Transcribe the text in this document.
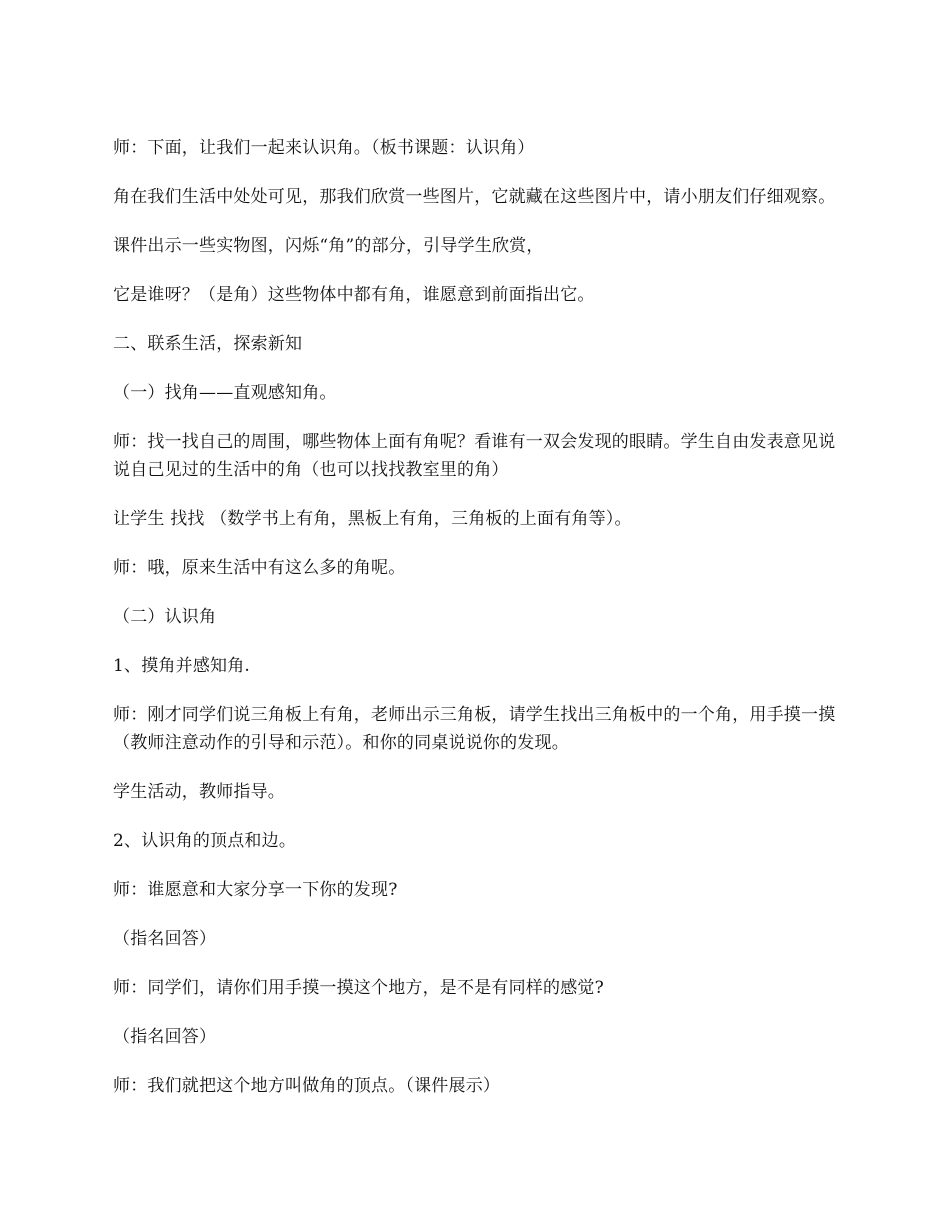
师：下面，让我们一起来认识角。（板书课题：认识角）

角在我们生活中处处可见，那我们欣赏一些图片，它就藏在这些图片中，请小朋友们仔细观察。

课件出示一些实物图，闪烁“角”的部分，引导学生欣赏，

它是谁呀？（是角）这些物体中都有角，谁愿意到前面指出它。

二、联系生活，探索新知

（一）找角——直观感知角。

师：找一找自己的周围，哪些物体上面有角呢？看谁有一双会发现的眼睛。学生自由发表意见说说自己见过的生活中的角（也可以找找教室里的角）

让学生 找找 （数学书上有角，黑板上有角，三角板的上面有角等）。

师：哦，原来生活中有这么多的角呢。

（二）认识角

1、摸角并感知角.

师：刚才同学们说三角板上有角，老师出示三角板，请学生找出三角板中的一个角，用手摸一摸（教师注意动作的引导和示范）。和你的同桌说说你的发现。

学生活动，教师指导。

2、认识角的顶点和边。

师：谁愿意和大家分享一下你的发现?

（指名回答）

师：同学们，请你们用手摸一摸这个地方，是不是有同样的感觉?

（指名回答）

师：我们就把这个地方叫做角的顶点。（课件展示）
